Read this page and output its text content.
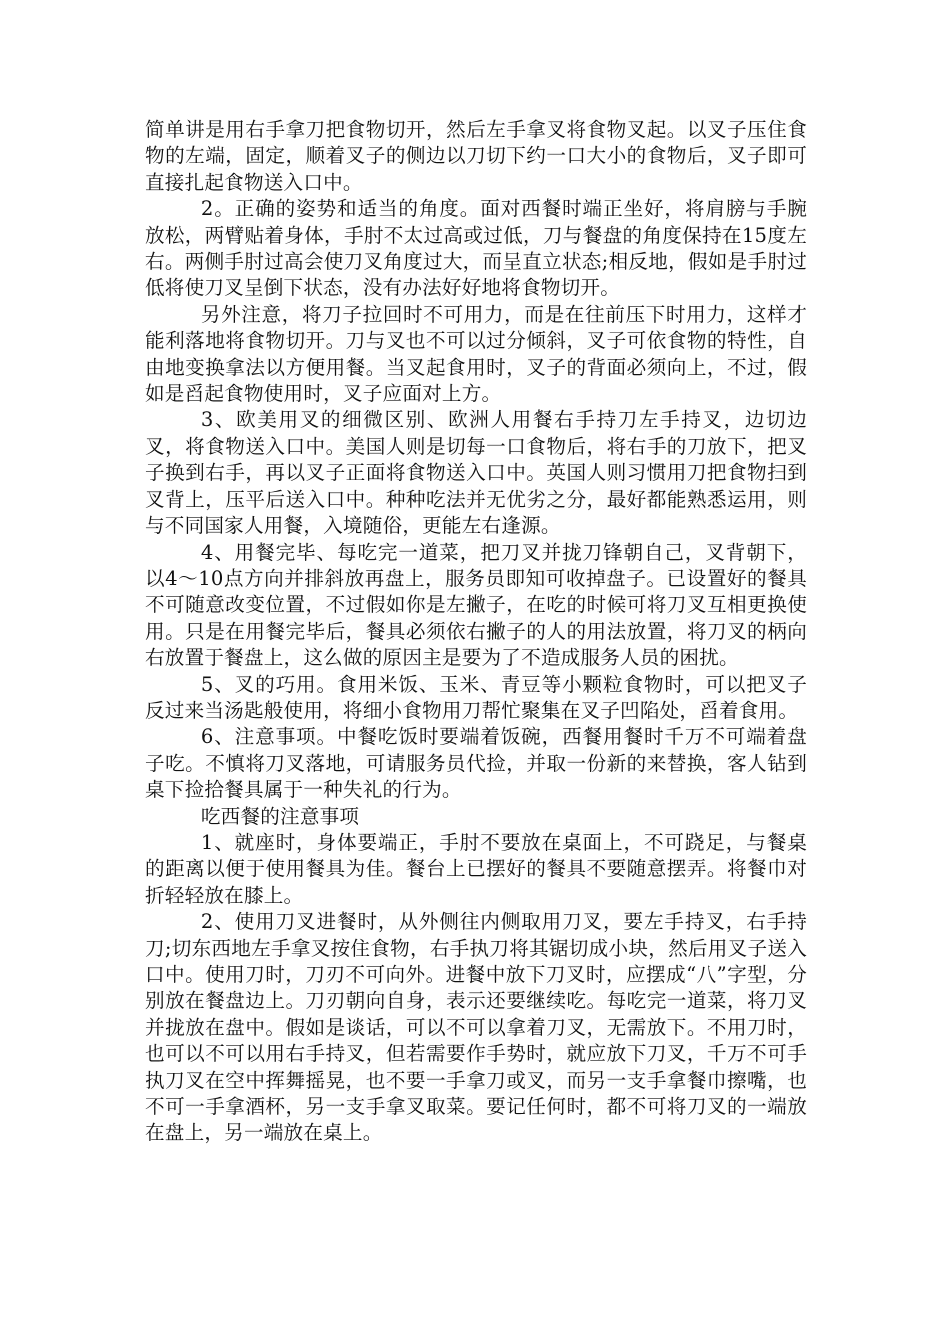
简单讲是用右手拿刀把食物切开，然后左手拿叉将食物叉起。以叉子压住食物的左端，固定，顺着叉子的侧边以刀切下约一口大小的食物后，叉子即可直接扎起食物送入口中。

2。正确的姿势和适当的角度。面对西餐时端正坐好，将肩膀与手腕放松，两臂贴着身体，手肘不太过高或过低，刀与餐盘的角度保持在15度左右。两侧手肘过高会使刀叉角度过大，而呈直立状态;相反地，假如是手肘过低将使刀叉呈倒下状态，没有办法好好地将食物切开。

另外注意，将刀子拉回时不可用力，而是在往前压下时用力，这样才能利落地将食物切开。刀与叉也不可以过分倾斜，叉子可依食物的特性，自由地变换拿法以方便用餐。当叉起食用时，叉子的背面必须向上，不过，假如是舀起食物使用时，叉子应面对上方。

3、欧美用叉的细微区别、欧洲人用餐右手持刀左手持叉，边切边叉，将食物送入口中。美国人则是切每一口食物后，将右手的刀放下，把叉子换到右手，再以叉子正面将食物送入口中。英国人则习惯用刀把食物扫到叉背上，压平后送入口中。种种吃法并无优劣之分，最好都能熟悉运用，则与不同国家人用餐，入境随俗，更能左右逢源。

4、用餐完毕、每吃完一道菜，把刀叉并拢刀锋朝自己，叉背朝下，以4～10点方向并排斜放再盘上，服务员即知可收掉盘子。已设置好的餐具不可随意改变位置，不过假如你是左撇子，在吃的时候可将刀叉互相更换使用。只是在用餐完毕后，餐具必须依右撇子的人的用法放置，将刀叉的柄向右放置于餐盘上，这么做的原因主是要为了不造成服务人员的困扰。

5、叉的巧用。食用米饭、玉米、青豆等小颗粒食物时，可以把叉子反过来当汤匙般使用，将细小食物用刀帮忙聚集在叉子凹陷处，舀着食用。

6、注意事项。中餐吃饭时要端着饭碗，西餐用餐时千万不可端着盘子吃。不慎将刀叉落地，可请服务员代捡，并取一份新的来替换，客人钻到桌下捡拾餐具属于一种失礼的行为。

吃西餐的注意事项

1、就座时，身体要端正，手肘不要放在桌面上，不可跷足，与餐桌的距离以便于使用餐具为佳。餐台上已摆好的餐具不要随意摆弄。将餐巾对折轻轻放在膝上。

2、使用刀叉进餐时，从外侧往内侧取用刀叉，要左手持叉，右手持刀;切东西地左手拿叉按住食物，右手执刀将其锯切成小块，然后用叉子送入口中。使用刀时，刀刃不可向外。进餐中放下刀叉时，应摆成“八”字型，分别放在餐盘边上。刀刃朝向自身，表示还要继续吃。每吃完一道菜，将刀叉并拢放在盘中。假如是谈话，可以不可以拿着刀叉，无需放下。不用刀时，也可以不可以用右手持叉，但若需要作手势时，就应放下刀叉，千万不可手执刀叉在空中挥舞摇晃，也不要一手拿刀或叉，而另一支手拿餐巾擦嘴，也不可一手拿酒杯，另一支手拿叉取菜。要记任何时，都不可将刀叉的一端放在盘上，另一端放在桌上。
